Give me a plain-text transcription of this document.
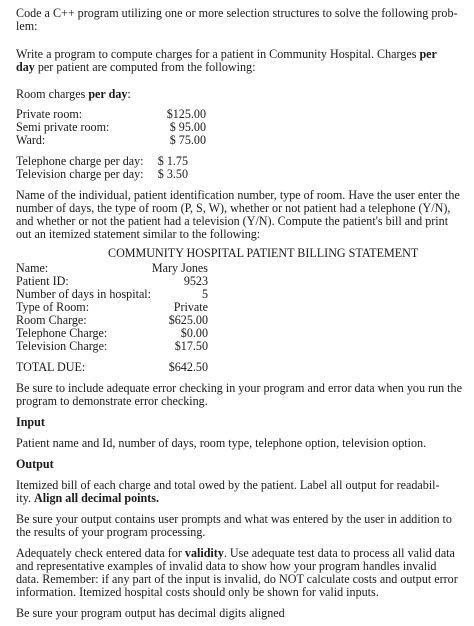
Code a C++ program utilizing one or more selection structures to solve the following prob-

lem:

Write a program to compute charges for a patient in Community Hospital. Charges per

day per patient are computed from the following:

Room charges per day:

Private room:	$125.00
Semi private room:	$ 95.00
Ward:	$ 75.00
Telephone charge per day: $ 1.75
Television charge per day: $ 3.50

Name of the individual, patient identification number, type of room. Have the user enter the

number of days, the type of room (P, S, W), whether or not patient had a telephone (Y/N),

and whether or not the patient had a television (Y/N). Compute the patient's bill and print

out an itemized statement similar to the following:

COMMUNITY HOSPITAL PATIENT BILLING STATEMENT
Name:	Mary Jones
Patient ID:	9523
Number of days in hospital:	5
Type of Room:	Private
Room Charge:	$625.00
Telephone Charge:	$0.00
Television Charge:	$17.50
TOTAL DUE:	$642.50

Be sure to include adequate error checking in your program and error data when you run the

program to demonstrate error checking.

Input

Patient name and Id, number of days, room type, telephone option, television option.

Output

Itemized bill of each charge and total owed by the patient. Label all output for readabil-

ity. Align all decimal points.

Be sure your output contains user prompts and what was entered by the user in addition to

the results of your program processing.

Adequately check entered data for validity. Use adequate test data to process all valid data

and representative examples of invalid data to show how your program handles invalid

data. Remember: if any part of the input is invalid, do NOT calculate costs and output error

information. Itemized hospital costs should only be shown for valid inputs.

Be sure your program output has decimal digits aligned
